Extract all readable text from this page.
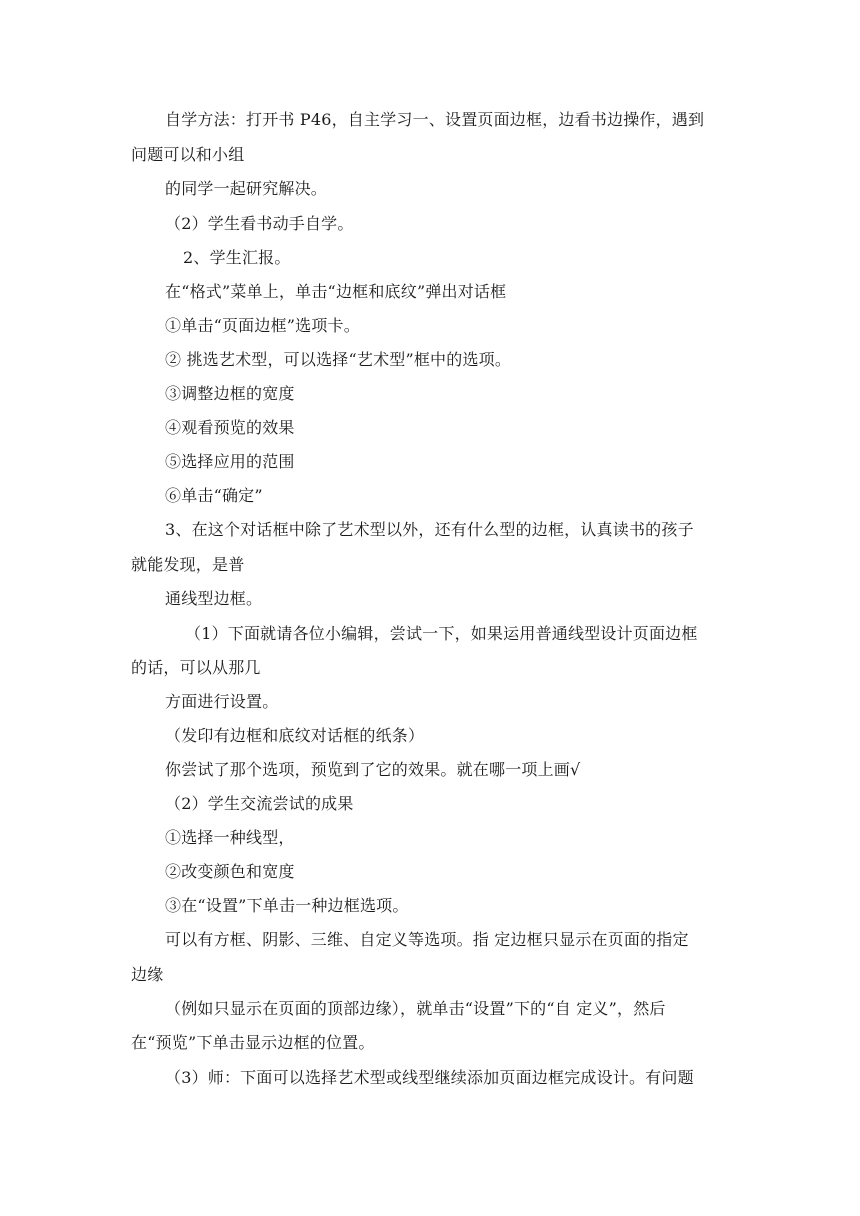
自学方法：打开书 P46，自主学习一、设置页面边框，边看书边操作，遇到
问题可以和小组
的同学一起研究解决。
（2）学生看书动手自学。
2、学生汇报。
在“格式”菜单上，单击“边框和底纹”弹出对话框
①单击“页面边框”选项卡。
② 挑选艺术型，可以选择“艺术型”框中的选项。
③调整边框的宽度
④观看预览的效果
⑤选择应用的范围
⑥单击“确定”
3、在这个对话框中除了艺术型以外，还有什么型的边框，认真读书的孩子
就能发现，是普
通线型边框。
（1）下面就请各位小编辑，尝试一下，如果运用普通线型设计页面边框
的话，可以从那几
方面进行设置。
（发印有边框和底纹对话框的纸条）
你尝试了那个选项，预览到了它的效果。就在哪一项上画√
（2）学生交流尝试的成果
①选择一种线型，
②改变颜色和宽度
③在“设置”下单击一种边框选项。
可以有方框、阴影、三维、自定义等选项。指 定边框只显示在页面的指定
边缘
（例如只显示在页面的顶部边缘），就单击“设置”下的“自 定义”，然后
在“预览”下单击显示边框的位置。
（3）师：下面可以选择艺术型或线型继续添加页面边框完成设计。有问题
